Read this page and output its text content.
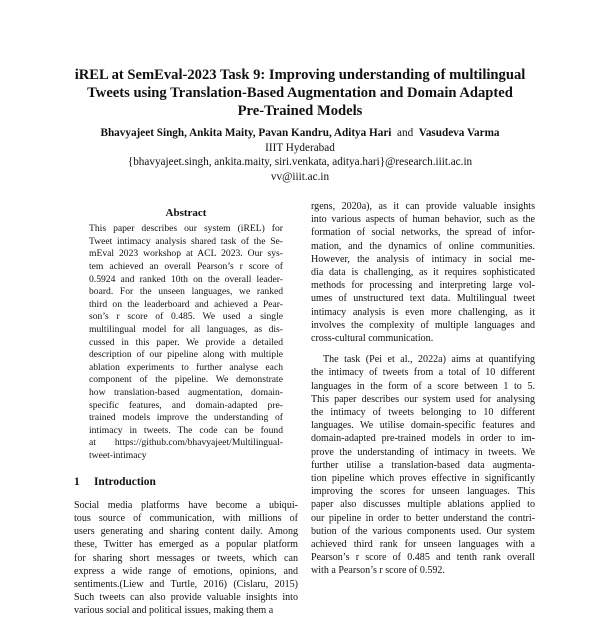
iREL at SemEval-2023 Task 9: Improving understanding of multilingual
Tweets using Translation-Based Augmentation and Domain Adapted
Pre-Trained Models
Bhavyajeet Singh, Ankita Maity, Pavan Kandru, Aditya Hari and Vasudeva Varma
IIIT Hyderabad
{bhavyajeet.singh, ankita.maity, siri.venkata, aditya.hari}@research.iiit.ac.in
vv@iiit.ac.in
Abstract
This paper describes our system (iREL) for
Tweet intimacy analysis shared task of the Se-
mEval 2023 workshop at ACL 2023. Our sys-
tem achieved an overall Pearson’s r score of
0.5924 and ranked 10th on the overall leader-
board. For the unseen languages, we ranked
third on the leaderboard and achieved a Pear-
son’s r score of 0.485. We used a single
multilingual model for all languages, as dis-
cussed in this paper. We provide a detailed
description of our pipeline along with multiple
ablation experiments to further analyse each
component of the pipeline. We demonstrate
how translation-based augmentation, domain-
specific features, and domain-adapted pre-
trained models improve the understanding of
intimacy in tweets. The code can be found
at https://github.com/bhavyajeet/Multilingual-
tweet-intimacy
1 Introduction
Social media platforms have become a ubiqui-
tous source of communication, with millions of
users generating and sharing content daily. Among
these, Twitter has emerged as a popular platform
for sharing short messages or tweets, which can
express a wide range of emotions, opinions, and
sentiments.(Liew and Turtle, 2016) (Cislaru, 2015)
Such tweets can also provide valuable insights into
various social and political issues, making them a
rgens, 2020a), as it can provide valuable insights
into various aspects of human behavior, such as the
formation of social networks, the spread of infor-
mation, and the dynamics of online communities.
However, the analysis of intimacy in social me-
dia data is challenging, as it requires sophisticated
methods for processing and interpreting large vol-
umes of unstructured text data. Multilingual tweet
intimacy analysis is even more challenging, as it
involves the complexity of multiple languages and
cross-cultural communication.
The task (Pei et al., 2022a) aims at quantifying
the intimacy of tweets from a total of 10 different
languages in the form of a score between 1 to 5.
This paper describes our system used for analysing
the intimacy of tweets belonging to 10 different
languages. We utilise domain-specific features and
domain-adapted pre-trained models in order to im-
prove the understanding of intimacy in tweets. We
further utilise a translation-based data augmenta-
tion pipeline which proves effective in significantly
improving the scores for unseen languages. This
paper also discusses multiple ablations applied to
our pipeline in order to better understand the contri-
bution of the various components used. Our system
achieved third rank for unseen languages with a
Pearson’s r score of 0.485 and tenth rank overall
with a Pearson’s r score of 0.592.
